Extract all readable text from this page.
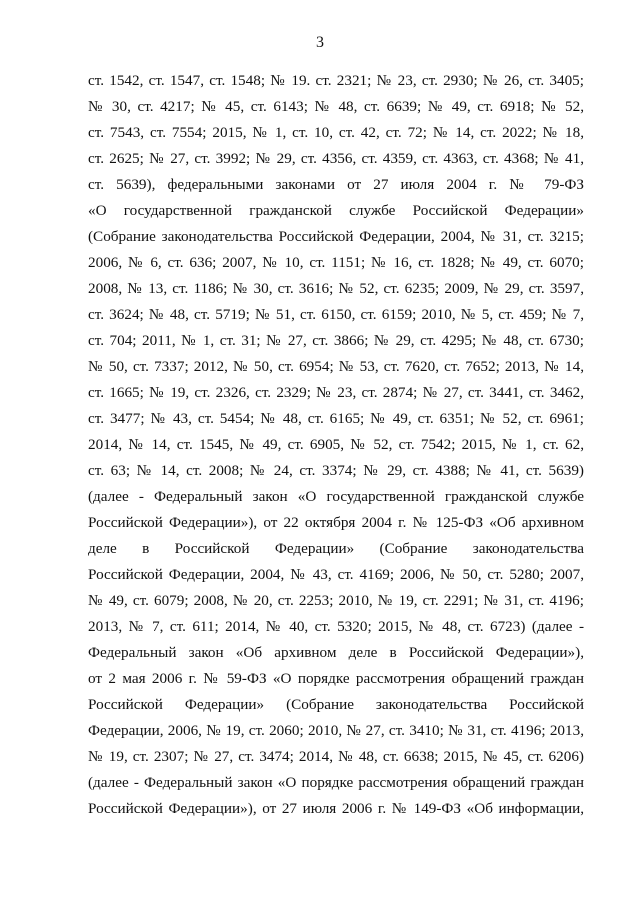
3
ст. 1542, ст. 1547, ст. 1548; № 19. ст. 2321; № 23, ст. 2930; № 26, ст. 3405;
№ 30, ст. 4217; № 45, ст. 6143; № 48, ст. 6639; № 49, ст. 6918; № 52,
ст. 7543, ст. 7554; 2015, № 1, ст. 10, ст. 42, ст. 72; № 14, ст. 2022; № 18,
ст. 2625; № 27, ст. 3992; № 29, ст. 4356, ст. 4359, ст. 4363, ст. 4368; № 41,
ст. 5639), федеральными законами от 27 июля 2004 г. № 79-ФЗ
«О государственной гражданской службе Российской Федерации»
(Собрание законодательства Российской Федерации, 2004, № 31, ст. 3215;
2006, № 6, ст. 636; 2007, № 10, ст. 1151; № 16, ст. 1828; № 49, ст. 6070;
2008, № 13, ст. 1186; № 30, ст. 3616; № 52, ст. 6235; 2009, № 29, ст. 3597,
ст. 3624; № 48, ст. 5719; № 51, ст. 6150, ст. 6159; 2010, № 5, ст. 459; № 7,
ст. 704; 2011, № 1, ст. 31; № 27, ст. 3866; № 29, ст. 4295; № 48, ст. 6730;
№ 50, ст. 7337; 2012, № 50, ст. 6954; № 53, ст. 7620, ст. 7652; 2013, № 14,
ст. 1665; № 19, ст. 2326, ст. 2329; № 23, ст. 2874; № 27, ст. 3441, ст. 3462,
ст. 3477; № 43, ст. 5454; № 48, ст. 6165; № 49, ст. 6351; № 52, ст. 6961;
2014, № 14, ст. 1545, № 49, ст. 6905, № 52, ст. 7542; 2015, № 1, ст. 62,
ст. 63; № 14, ст. 2008; № 24, ст. 3374; № 29, ст. 4388; № 41, ст. 5639)
(далее - Федеральный закон «О государственной гражданской службе
Российской Федерации»), от 22 октября 2004 г. № 125-ФЗ «Об архивном
деле в Российской Федерации» (Собрание законодательства
Российской Федерации, 2004, № 43, ст. 4169; 2006, № 50, ст. 5280; 2007,
№ 49, ст. 6079; 2008, № 20, ст. 2253; 2010, № 19, ст. 2291; № 31, ст. 4196;
2013, № 7, ст. 611; 2014, № 40, ст. 5320; 2015, № 48, ст. 6723) (далее -
Федеральный закон «Об архивном деле в Российской Федерации»),
от 2 мая 2006 г. № 59-ФЗ «О порядке рассмотрения обращений граждан
Российской Федерации» (Собрание законодательства Российской
Федерации, 2006, № 19, ст. 2060; 2010, № 27, ст. 3410; № 31, ст. 4196; 2013,
№ 19, ст. 2307; № 27, ст. 3474; 2014, № 48, ст. 6638; 2015, № 45, ст. 6206)
(далее - Федеральный закон «О порядке рассмотрения обращений граждан
Российской Федерации»), от 27 июля 2006 г. № 149-ФЗ «Об информации,
